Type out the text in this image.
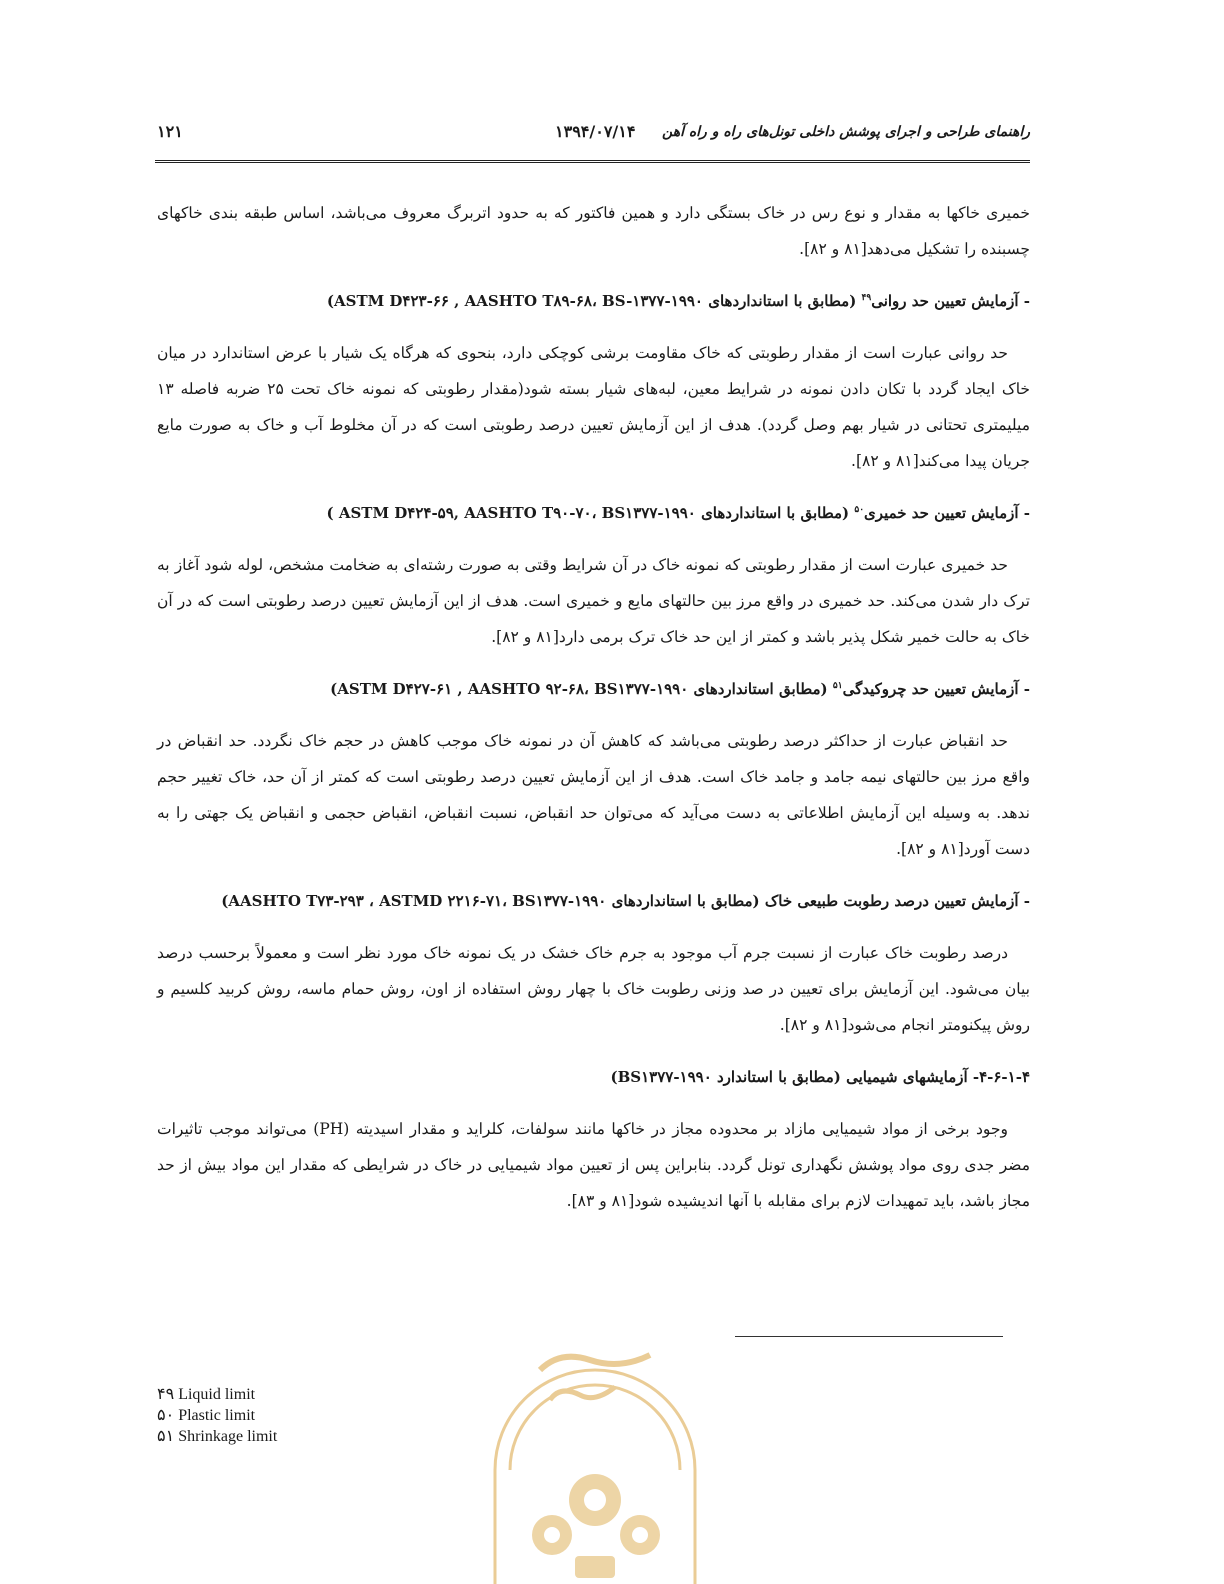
راهنمای طراحی و اجرای پوشش داخلی تونل‌های راه و راه آهن
۱۳۹۴/۰۷/۱۴
۱۲۱

خمیری خاکها به مقدار و نوع رس در خاک بستگی دارد و همین فاکتور که به حدود اتربرگ معروف می‌باشد، اساس طبقه بندی خاکهای چسبنده را تشکیل می‌دهد[۸۱ و ۸۲].

- آزمایش تعیین حد روانی$^{۴۹}$ (مطابق با استانداردهای ASTM D۴۲۳-۶۶ , AASHTO T۸۹-۶۸، BS-۱۳۷۷-۱۹۹۰)

حد روانی عبارت است از مقدار رطوبتی که خاک مقاومت برشی کوچکی دارد، بنحوی که هرگاه یک شیار با عرض استاندارد در میان خاک ایجاد گردد با تکان دادن نمونه در شرایط معین، لبه‌های شیار بسته شود(مقدار رطوبتی که نمونه خاک تحت ۲۵ ضربه فاصله ۱۳ میلیمتری تحتانی در شیار بهم وصل گردد). هدف از این آزمایش تعیین درصد رطوبتی است که در آن مخلوط آب و خاک به صورت مایع جریان پیدا می‌کند[۸۱ و ۸۲].

- آزمایش تعیین حد خمیری$^{۵۰}$ (مطابق با استانداردهای ASTM D۴۲۴-۵۹, AASHTO T۹۰-۷۰، BS۱۳۷۷-۱۹۹۰ )

حد خمیری عبارت است از مقدار رطوبتی که نمونه خاک در آن شرایط وقتی به صورت رشته‌ای به ضخامت مشخص، لوله شود آغاز به ترک دار شدن می‌کند. حد خمیری در واقع مرز بین حالتهای مایع و خمیری است. هدف از این آزمایش تعیین درصد رطوبتی است که در آن خاک به حالت خمیر شکل پذیر باشد و کمتر از این حد خاک ترک برمی دارد[۸۱ و ۸۲].

- آزمایش تعیین حد چروکیدگی$^{۵۱}$ (مطابق استانداردهای ASTM D۴۲۷-۶۱ , AASHTO ۹۲-۶۸، BS۱۳۷۷-۱۹۹۰)

حد انقباض عبارت از حداکثر درصد رطوبتی می‌باشد که کاهش آن در نمونه خاک موجب کاهش در حجم خاک نگردد. حد انقباض در واقع مرز بین حالتهای نیمه جامد و جامد خاک است. هدف از این آزمایش تعیین درصد رطوبتی است که کمتر از آن حد، خاک تغییر حجم ندهد. به وسیله این آزمایش اطلاعاتی به دست می‌آید که می‌توان حد انقباض، نسبت انقباض، انقباض حجمی و انقباض یک جهتی را به دست آورد[۸۱ و ۸۲].

- آزمایش تعیین درصد رطوبت طبیعی خاک (مطابق با استانداردهای AASHTO T۷۳-۲۹۳ ، ASTMD ۲۲۱۶-۷۱، BS۱۳۷۷-۱۹۹۰)

درصد رطوبت خاک عبارت از نسبت جرم آب موجود به جرم خاک خشک در یک نمونه خاک مورد نظر است و معمولاً برحسب درصد بیان می‌شود. این آزمایش برای تعیین در صد وزنی رطوبت خاک با چهار روش استفاده از اون، روش حمام ماسه، روش کربید کلسیم و روش پیکنومتر انجام می‌شود[۸۱ و ۸۲].

۴-۶-۱-۴- آزمایشهای شیمیایی (مطابق با استاندارد BS۱۳۷۷-۱۹۹۰)

وجود برخی از مواد شیمیایی مازاد بر محدوده مجاز در خاکها مانند سولفات، کلراید و مقدار اسیدیته (PH) می‌تواند موجب تاثیرات مضر جدی روی مواد پوشش نگهداری تونل گردد. بنابراین پس از تعیین مواد شیمیایی در خاک در شرایطی که مقدار این مواد بیش از حد مجاز باشد، باید تمهیدات لازم برای مقابله با آنها اندیشیده شود[۸۱ و ۸۳].

۴۹ Liquid limit
۵۰ Plastic limit
۵۱ Shrinkage limit
